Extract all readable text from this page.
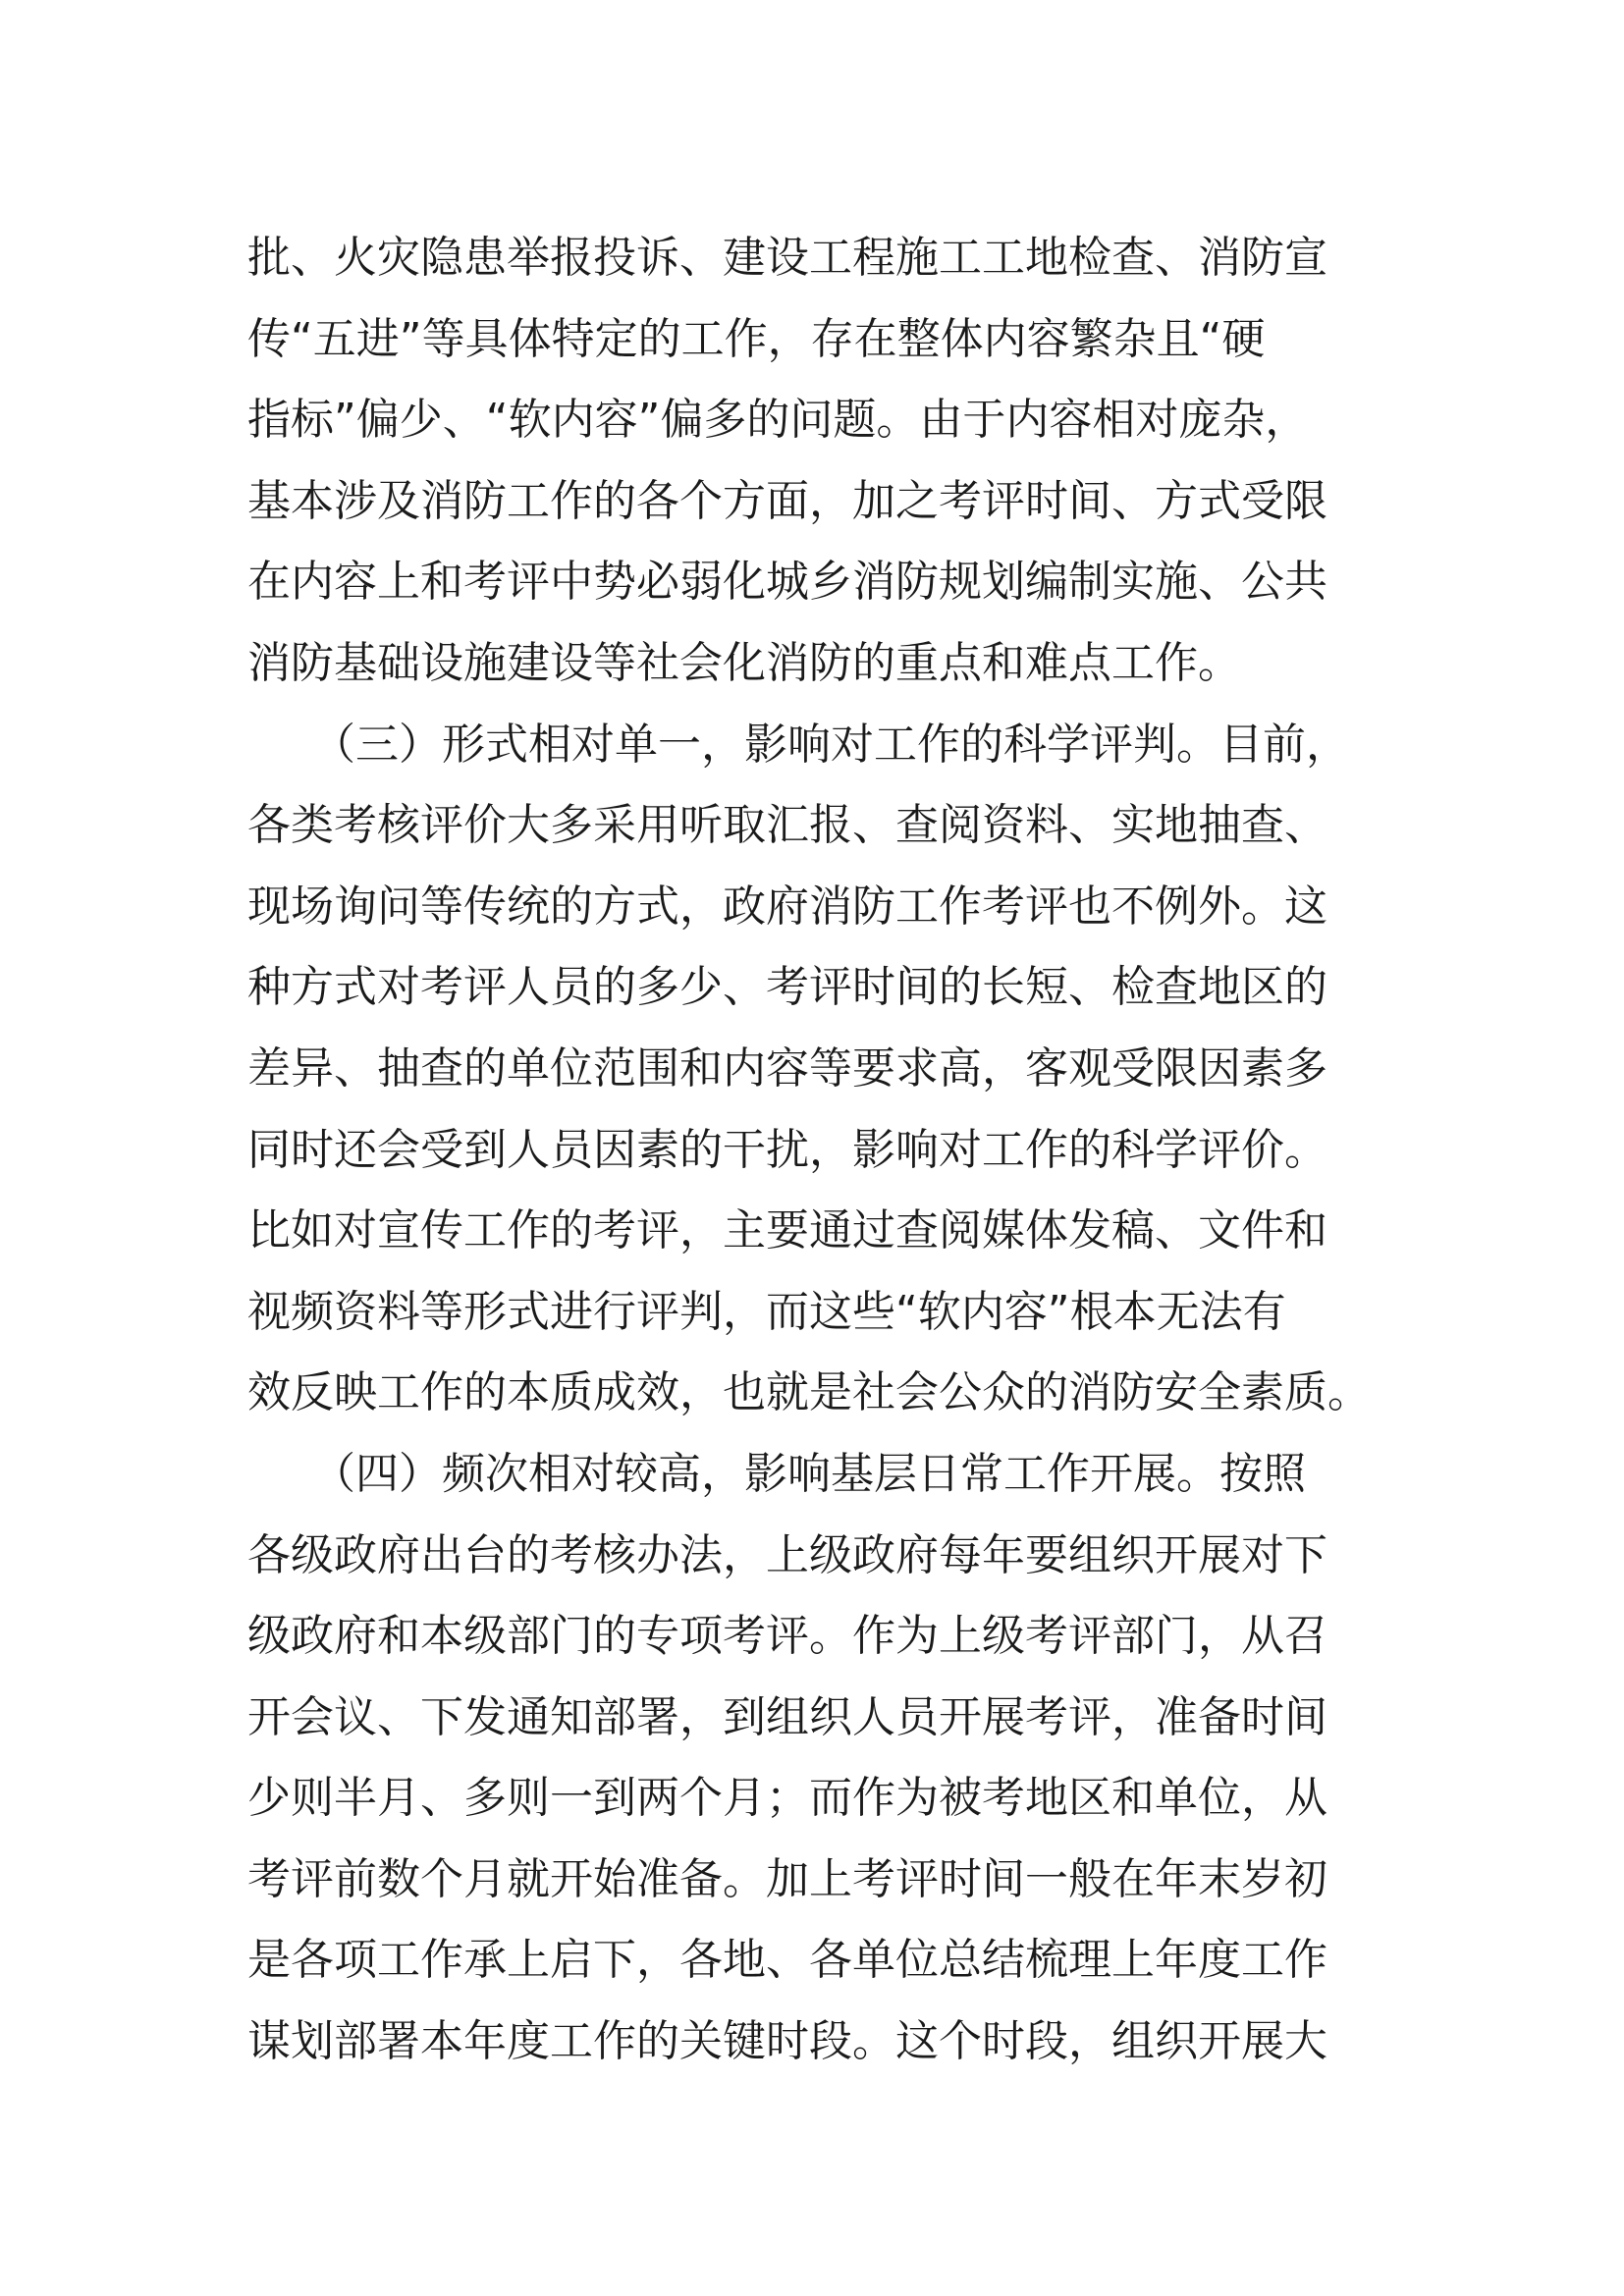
批、火灾隐患举报投诉、建设工程施工工地检查、消防宣
传“五进”等具体特定的工作，存在整体内容繁杂且“硬
指标”偏少、“软内容”偏多的问题。由于内容相对庞杂，
基本涉及消防工作的各个方面，加之考评时间、方式受限
在内容上和考评中势必弱化城乡消防规划编制实施、公共
消防基础设施建设等社会化消防的重点和难点工作。
　　（三）形式相对单一，影响对工作的科学评判。目前，
各类考核评价大多采用听取汇报、查阅资料、实地抽查、
现场询问等传统的方式，政府消防工作考评也不例外。这
种方式对考评人员的多少、考评时间的长短、检查地区的
差异、抽查的单位范围和内容等要求高，客观受限因素多
同时还会受到人员因素的干扰，影响对工作的科学评价。
比如对宣传工作的考评，主要通过查阅媒体发稿、文件和
视频资料等形式进行评判，而这些“软内容”根本无法有
效反映工作的本质成效，也就是社会公众的消防安全素质。
　　（四）频次相对较高，影响基层日常工作开展。按照
各级政府出台的考核办法，上级政府每年要组织开展对下
级政府和本级部门的专项考评。作为上级考评部门，从召
开会议、下发通知部署，到组织人员开展考评，准备时间
少则半月、多则一到两个月；而作为被考地区和单位，从
考评前数个月就开始准备。加上考评时间一般在年末岁初
是各项工作承上启下，各地、各单位总结梳理上年度工作
谋划部署本年度工作的关键时段。这个时段，组织开展大
